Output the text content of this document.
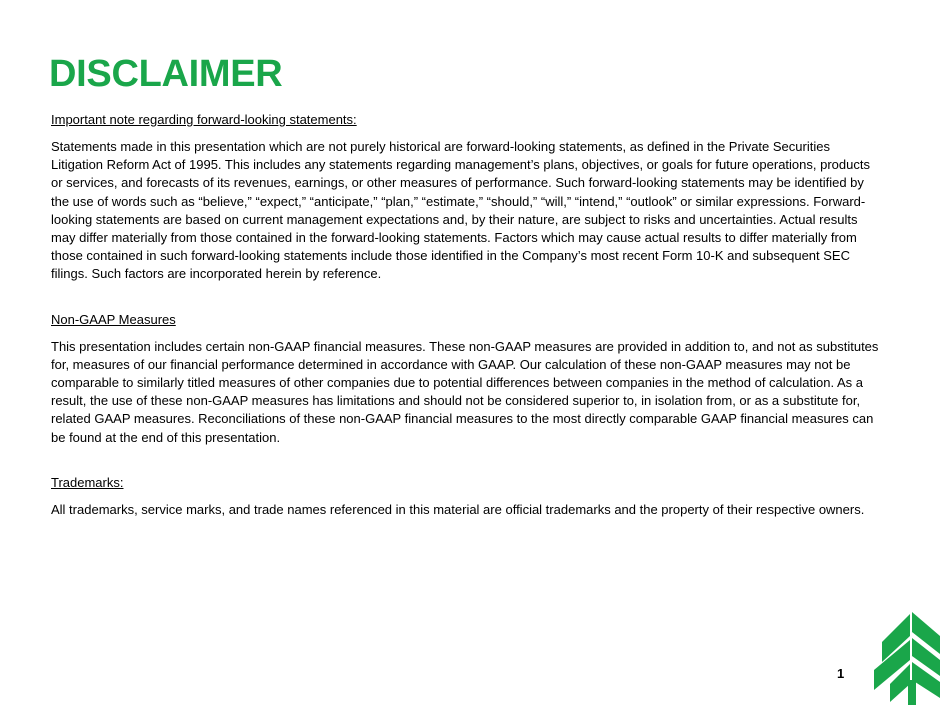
DISCLAIMER

Important note regarding forward-looking statements:

Statements made in this presentation which are not purely historical are forward-looking statements, as defined in the Private Securities Litigation Reform Act of 1995. This includes any statements regarding management’s plans, objectives, or goals for future operations, products or services, and forecasts of its revenues, earnings, or other measures of performance. Such forward-looking statements may be identified by the use of words such as “believe,” “expect,” “anticipate,” “plan,” “estimate,” “should,” “will,” “intend,” “outlook” or similar expressions. Forward-looking statements are based on current management expectations and, by their nature, are subject to risks and uncertainties. Actual results may differ materially from those contained in the forward-looking statements. Factors which may cause actual results to differ materially from those contained in such forward-looking statements include those identified in the Company’s most recent Form 10-K and subsequent SEC filings. Such factors are incorporated herein by reference.

Non-GAAP Measures

This presentation includes certain non-GAAP financial measures. These non-GAAP measures are provided in addition to, and not as substitutes for, measures of our financial performance determined in accordance with GAAP. Our calculation of these non-GAAP measures may not be comparable to similarly titled measures of other companies due to potential differences between companies in the method of calculation. As a result, the use of these non-GAAP measures has limitations and should not be considered superior to, in isolation from, or as a substitute for, related GAAP measures. Reconciliations of these non-GAAP financial measures to the most directly comparable GAAP financial measures can be found at the end of this presentation.

Trademarks:

All trademarks, service marks, and trade names referenced in this material are official trademarks and the property of their respective owners.

1
